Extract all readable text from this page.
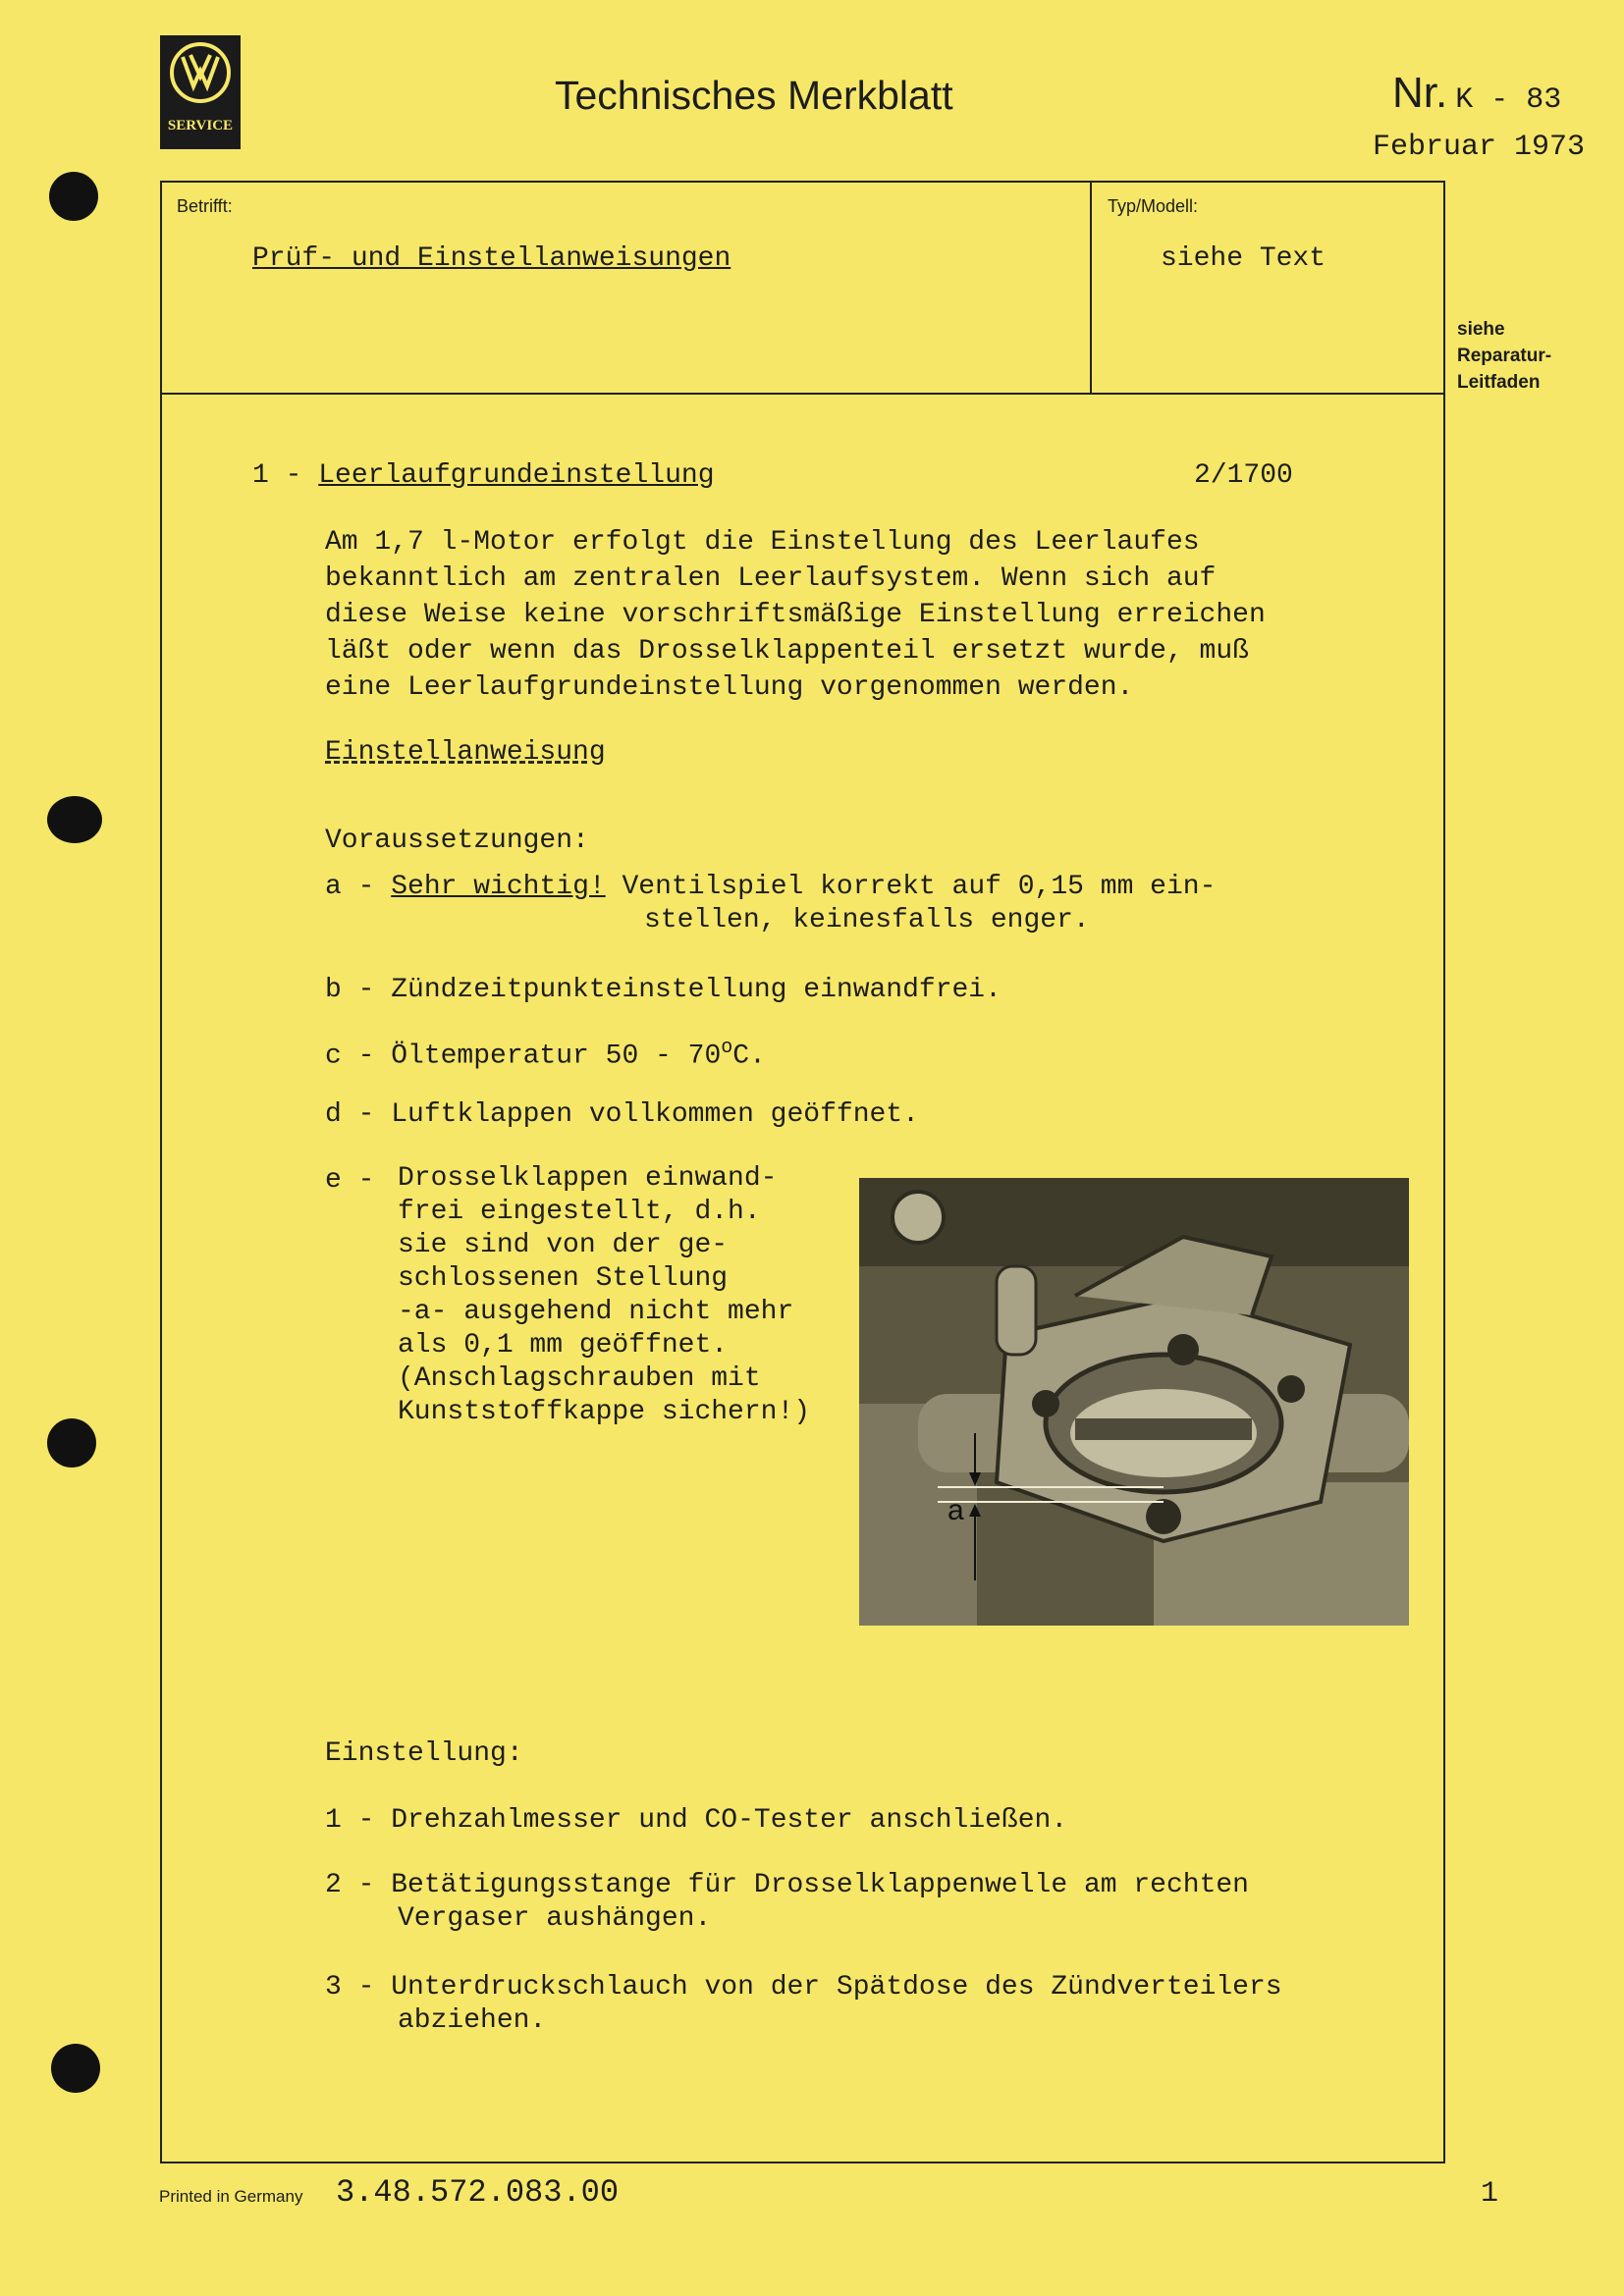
SERVICE
Technisches Merkblatt	Nr. K - 83
Februar 1973
Betrifft:	Typ/Modell:
Prüf- und Einstellanweisungen	siehe Text
siehe
Reparatur-
Leitfaden
1 - Leerlaufgrundeinstellung	2/1700
Am 1,7 l-Motor erfolgt die Einstellung des Leerlaufes
bekanntlich am zentralen Leerlaufsystem. Wenn sich auf
diese Weise keine vorschriftsmäßige Einstellung erreichen
läßt oder wenn das Drosselklappenteil ersetzt wurde, muß
eine Leerlaufgrundeinstellung vorgenommen werden.
Einstellanweisung
Voraussetzungen:
a - Sehr wichtig! Ventilspiel korrekt auf 0,15 mm ein-
stellen, keinesfalls enger.
b - Zündzeitpunkteinstellung einwandfrei.
c - Öltemperatur 50 - 70$^o$C.
d - Luftklappen vollkommen geöffnet.
e - Drosselklappen einwand-
frei eingestellt, d.h.
sie sind von der ge-
schlossenen Stellung
-a- ausgehend nicht mehr
als 0,1 mm geöffnet.
(Anschlagschrauben mit
Kunststoffkappe sichern!)
a
Einstellung:
1 - Drehzahlmesser und CO-Tester anschließen.
2 - Betätigungsstange für Drosselklappenwelle am rechten
Vergaser aushängen.
3 - Unterdruckschlauch von der Spätdose des Zündverteilers
abziehen.
Printed in Germany 3.48.572.083.00	1
